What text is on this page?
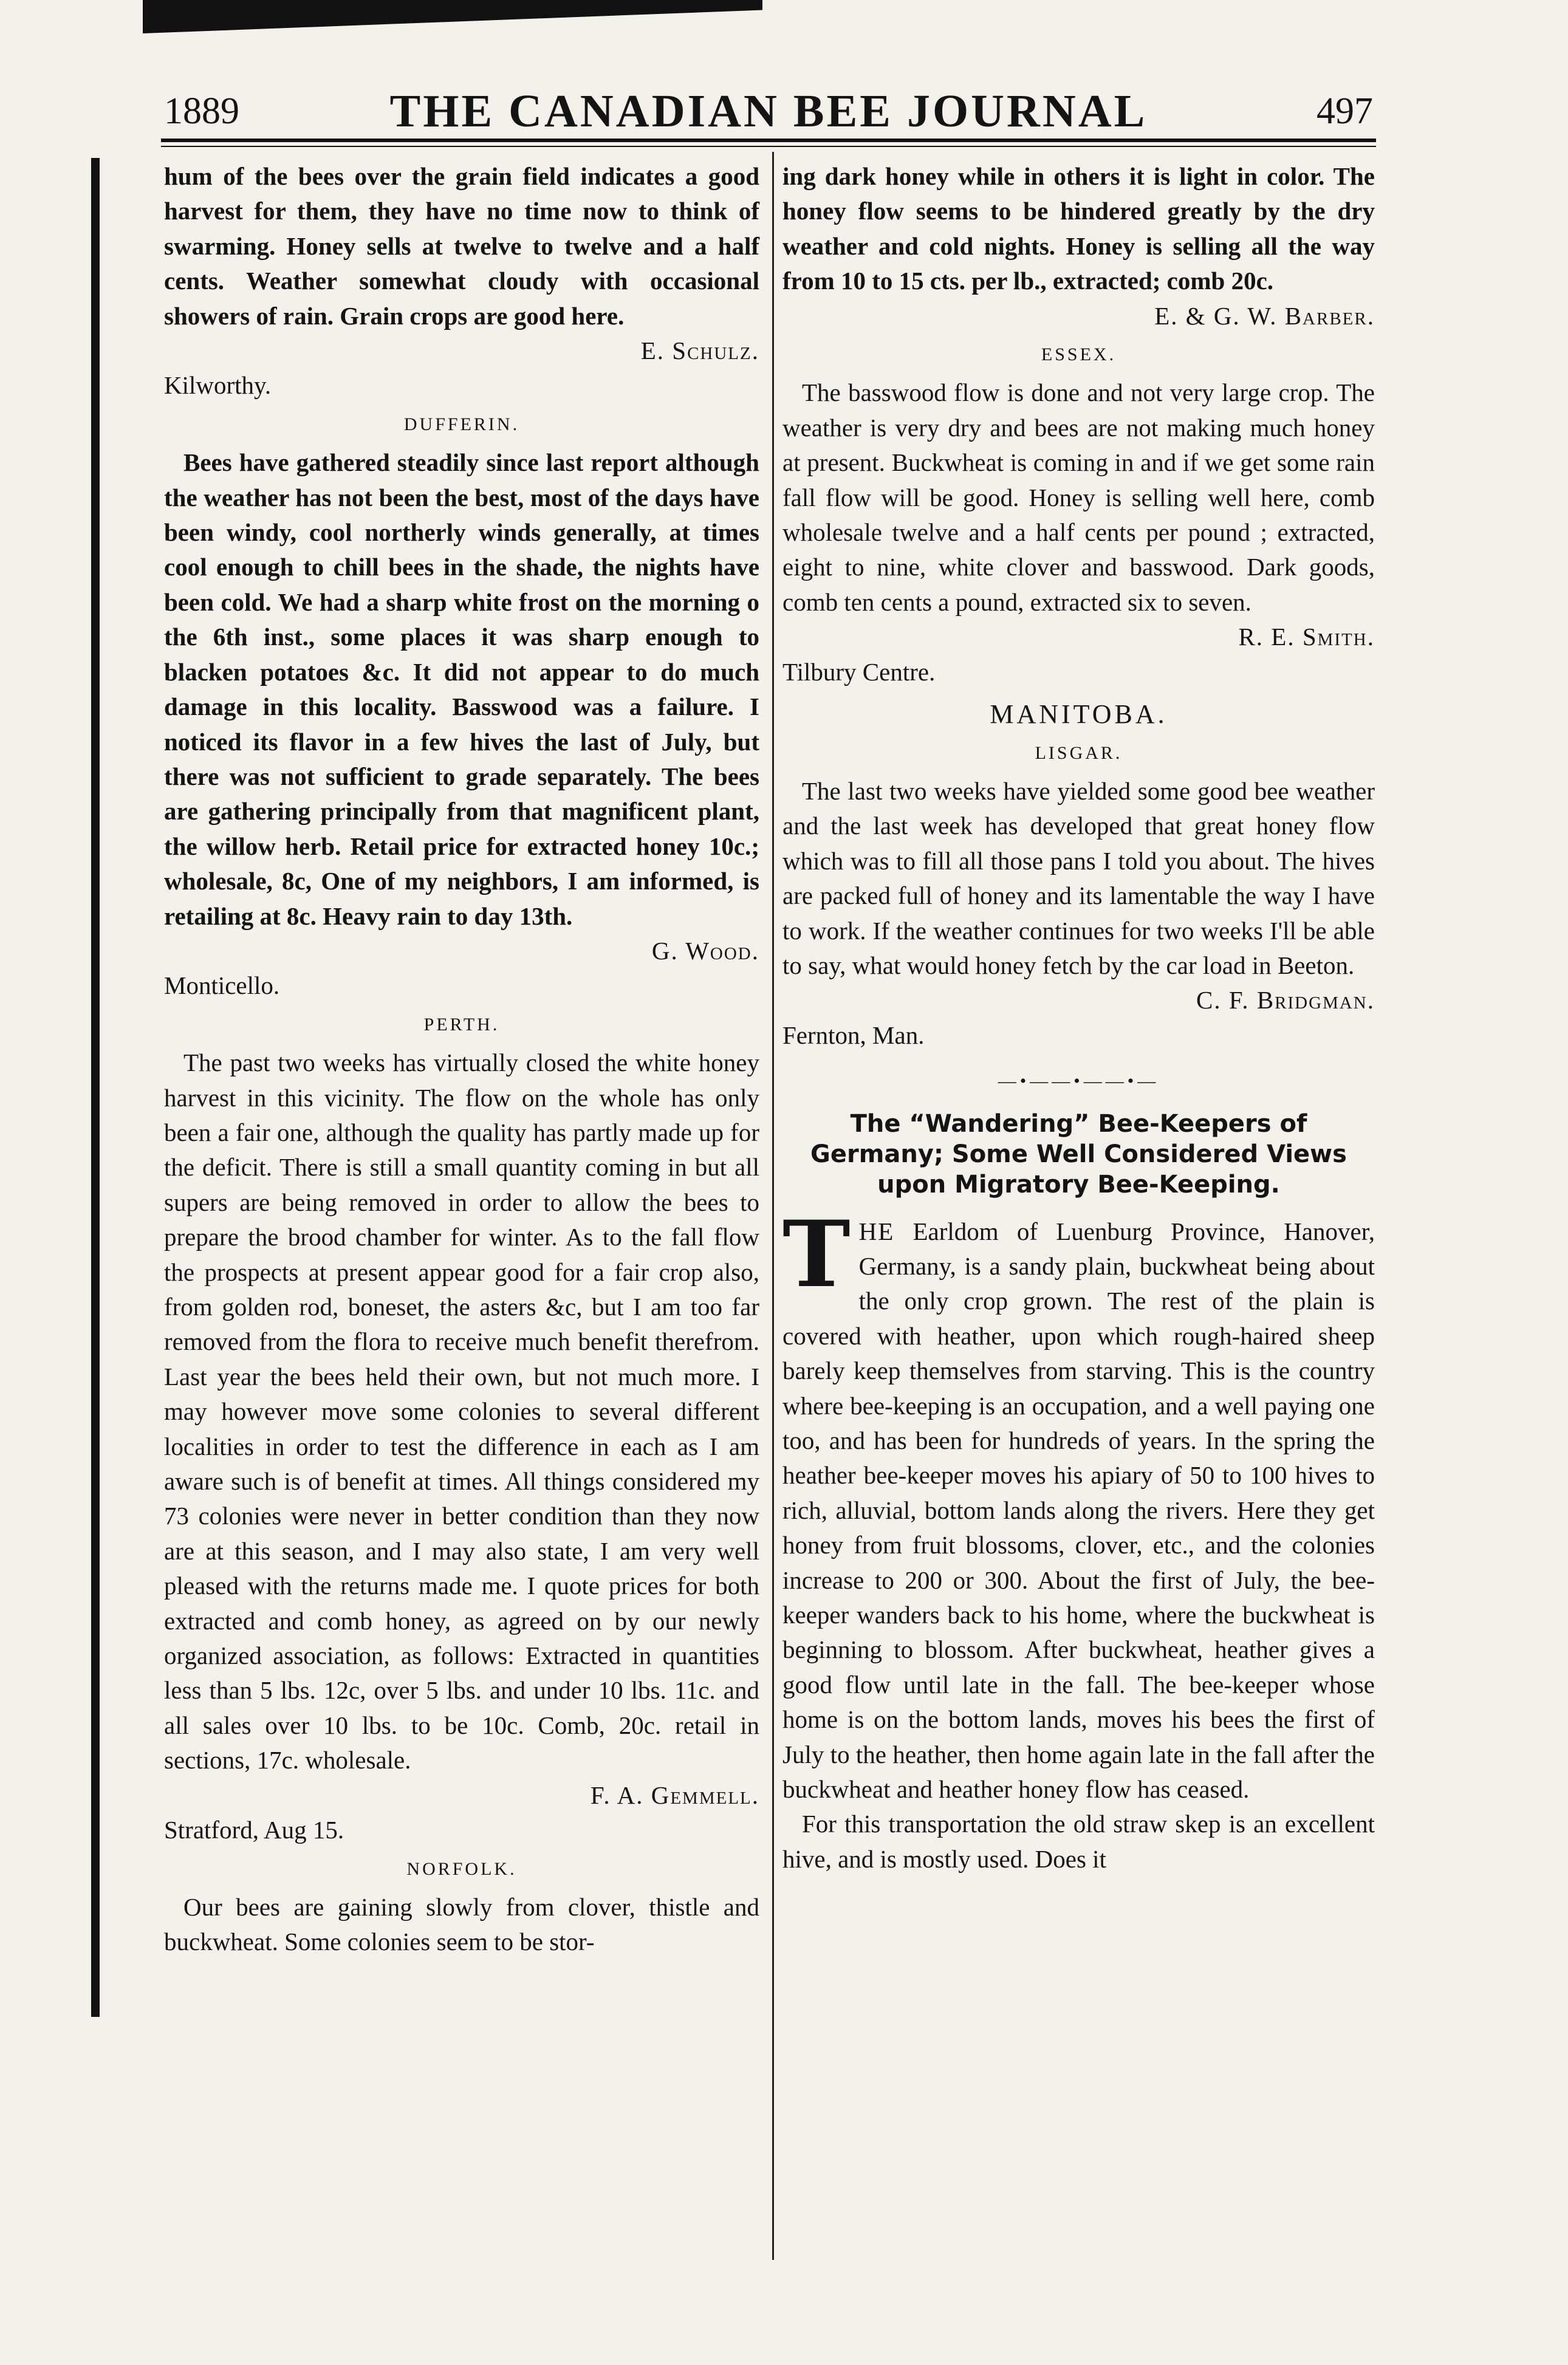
1889	THE CANADIAN BEE JOURNAL	497

hum of the bees over the grain field indicates a good harvest for them, they have no time now to think of swarming. Honey sells at twelve to twelve and a half cents. Weather somewhat cloudy with occasional showers of rain. Grain crops are good here.

E. Schulz.

Kilworthy.

DUFFERIN.

Bees have gathered steadily since last report although the weather has not been the best, most of the days have been windy, cool northerly winds generally, at times cool enough to chill bees in the shade, the nights have been cold. We had a sharp white frost on the morning o the 6th inst., some places it was sharp enough to blacken potatoes &c. It did not appear to do much damage in this locality. Basswood was a failure. I noticed its flavor in a few hives the last of July, but there was not sufficient to grade separately. The bees are gathering principally from that magnificent plant, the willow herb. Retail price for extracted honey 10c.; wholesale, 8c, One of my neighbors, I am informed, is retailing at 8c. Heavy rain to day 13th.

G. Wood.

Monticello.

PERTH.

The past two weeks has virtually closed the white honey harvest in this vicinity. The flow on the whole has only been a fair one, although the quality has partly made up for the deficit. There is still a small quantity coming in but all supers are being removed in order to allow the bees to prepare the brood chamber for winter. As to the fall flow the prospects at present appear good for a fair crop also, from golden rod, boneset, the asters &c, but I am too far removed from the flora to receive much benefit therefrom. Last year the bees held their own, but not much more. I may however move some colonies to several different localities in order to test the difference in each as I am aware such is of benefit at times. All things considered my 73 colonies were never in better condition than they now are at this season, and I may also state, I am very well pleased with the returns made me. I quote prices for both extracted and comb honey, as agreed on by our newly organized association, as follows: Extracted in quantities less than 5 lbs. 12c, over 5 lbs. and under 10 lbs. 11c. and all sales over 10 lbs. to be 10c. Comb, 20c. retail in sections, 17c. wholesale.

F. A. Gemmell.

Stratford, Aug 15.

NORFOLK.

Our bees are gaining slowly from clover, thistle and buckwheat. Some colonies seem to be stor-

ing dark honey while in others it is light in color. The honey flow seems to be hindered greatly by the dry weather and cold nights. Honey is selling all the way from 10 to 15 cts. per lb., extracted; comb 20c.

E. & G. W. Barber.

ESSEX.

The basswood flow is done and not very large crop. The weather is very dry and bees are not making much honey at present. Buckwheat is coming in and if we get some rain fall flow will be good. Honey is selling well here, comb wholesale twelve and a half cents per pound ; extracted, eight to nine, white clover and basswood. Dark goods, comb ten cents a pound, extracted six to seven.

R. E. Smith.

Tilbury Centre.

MANITOBA.
LISGAR.

The last two weeks have yielded some good bee weather and the last week has developed that great honey flow which was to fill all those pans I told you about. The hives are packed full of honey and its lamentable the way I have to work. If the weather continues for two weeks I'll be able to say, what would honey fetch by the car load in Beeton.

C. F. Bridgman.

Fernton, Man.

—•——•——•—
The “Wandering” Bee-Keepers of Germany; Some Well Considered Views upon Migratory Bee-Keeping.

T HE Earldom of Luenburg Province, Hanover, Germany, is a sandy plain, buckwheat being about the only crop grown. The rest of the plain is covered with heather, upon which rough-haired sheep barely keep themselves from starving. This is the country where bee-keeping is an occupation, and a well paying one too, and has been for hundreds of years. In the spring the heather bee-keeper moves his apiary of 50 to 100 hives to rich, alluvial, bottom lands along the rivers. Here they get honey from fruit blossoms, clover, etc., and the colonies increase to 200 or 300. About the first of July, the bee-keeper wanders back to his home, where the buckwheat is beginning to blossom. After buckwheat, heather gives a good flow until late in the fall. The bee-keeper whose home is on the bottom lands, moves his bees the first of July to the heather, then home again late in the fall after the buckwheat and heather honey flow has ceased.

For this transportation the old straw skep is an excellent hive, and is mostly used. Does it
